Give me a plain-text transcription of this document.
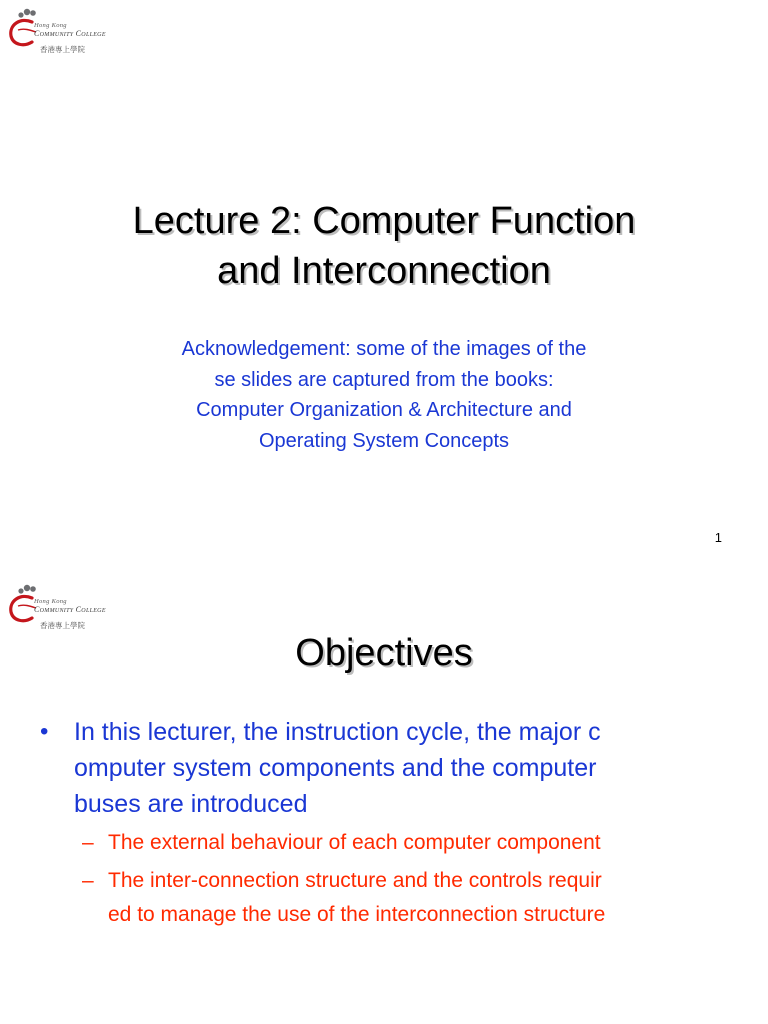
Hong Kong
Community College
香港專上學院
Lecture 2: Computer Function
and Interconnection
Acknowledgement: some of the images of the
se slides are captured from the books:
Computer Organization & Architecture and
Operating System Concepts
1
Hong Kong
Community College
香港專上學院
Objectives
• In this lecturer, the instruction cycle, the major c
omputer system components and the computer
buses are introduced
– The external behaviour of each computer component
– The inter-connection structure and the controls requir
ed to manage the use of the interconnection structure
